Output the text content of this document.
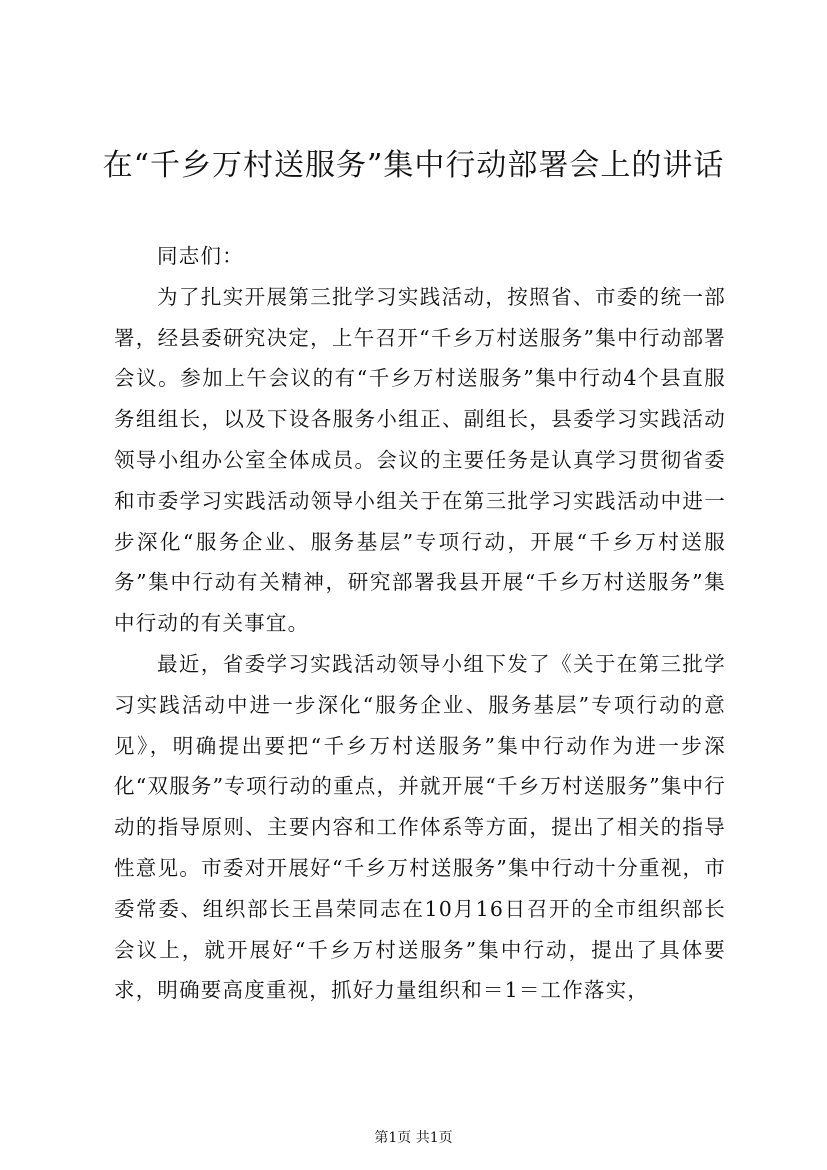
在“千乡万村送服务”集中行动部署会上的讲话

同志们：

为了扎实开展第三批学习实践活动，按照省、市委的统一部署，经县委研究决定，上午召开“千乡万村送服务”集中行动部署会议。参加上午会议的有“千乡万村送服务”集中行动4个县直服务组组长，以及下设各服务小组正、副组长，县委学习实践活动领导小组办公室全体成员。会议的主要任务是认真学习贯彻省委和市委学习实践活动领导小组关于在第三批学习实践活动中进一步深化“服务企业、服务基层”专项行动，开展“千乡万村送服务”集中行动有关精神，研究部署我县开展“千乡万村送服务”集中行动的有关事宜。

最近，省委学习实践活动领导小组下发了《关于在第三批学习实践活动中进一步深化“服务企业、服务基层”专项行动的意见》，明确提出要把“千乡万村送服务”集中行动作为进一步深化“双服务”专项行动的重点，并就开展“千乡万村送服务”集中行动的指导原则、主要内容和工作体系等方面，提出了相关的指导性意见。市委对开展好“千乡万村送服务”集中行动十分重视，市委常委、组织部长王昌荣同志在10月16日召开的全市组织部长会议上，就开展好“千乡万村送服务”集中行动，提出了具体要求，明确要高度重视，抓好力量组织和＝1＝工作落实，

第1页 共1页
